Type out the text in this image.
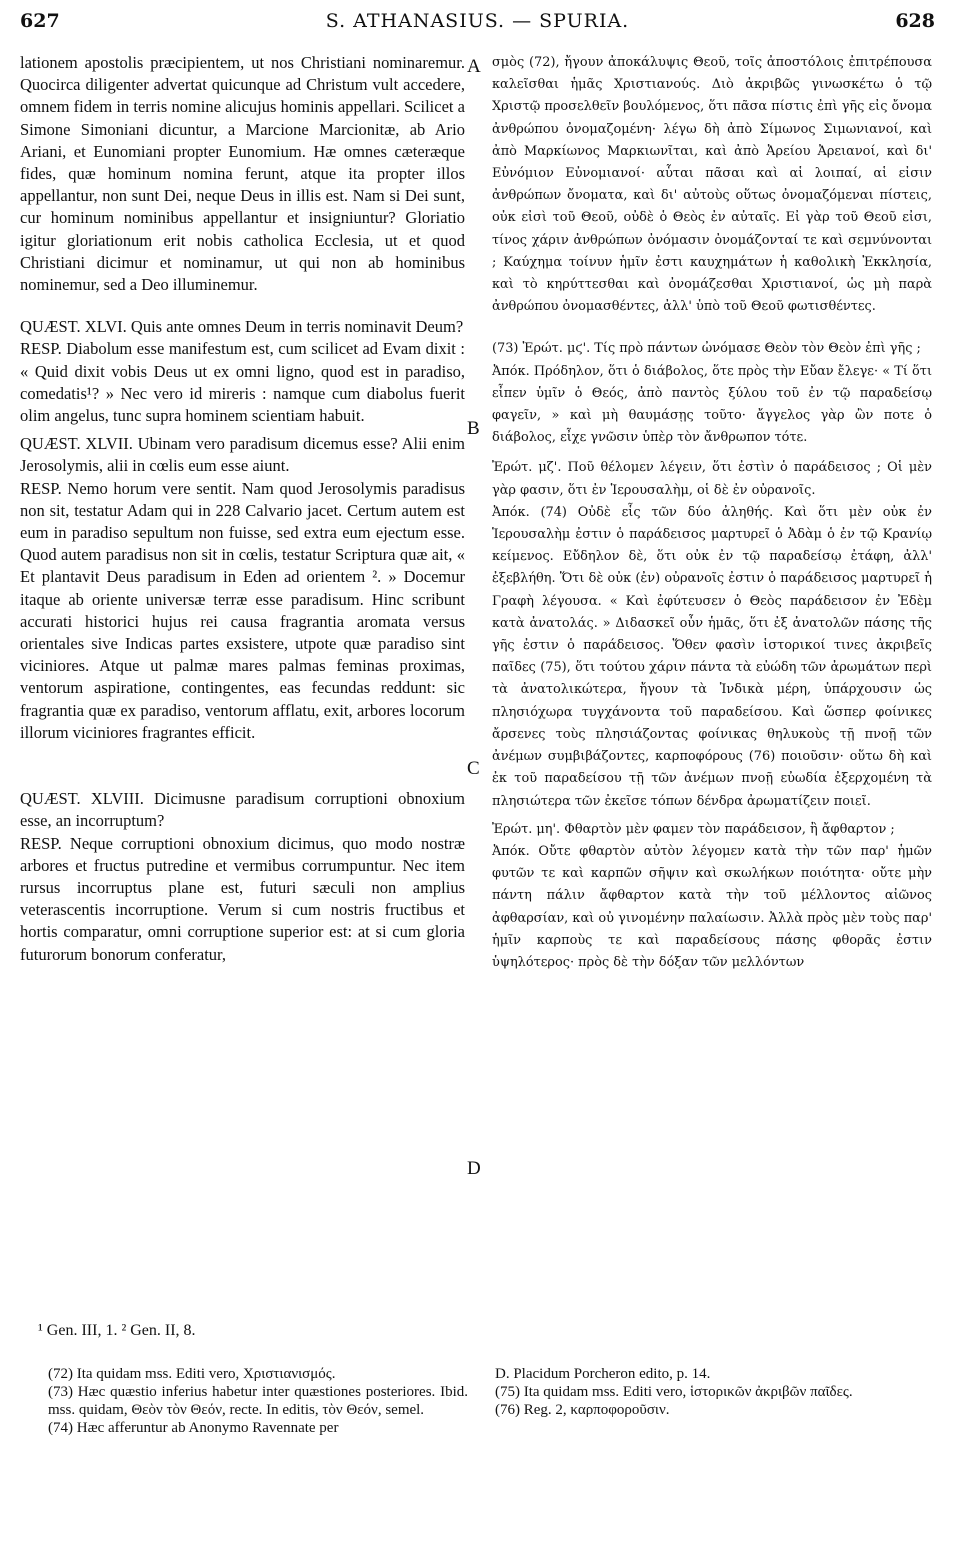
627	S. ATHANASIUS. — SPURIA.	628
A
B
C
D

lationem apostolis præcipientem, ut nos Christiani nominaremur. Quocirca diligenter advertat quicunque ad Christum vult accedere, omnem fidem in terris nomine alicujus hominis appellari. Scilicet a Simone Simoniani dicuntur, a Marcione Marcionitæ, ab Ario Ariani, et Eunomiani propter Eunomium. Hæ omnes cæteræque fides, quæ hominum nomina ferunt, atque ita propter illos appellantur, non sunt Dei, neque Deus in illis est. Nam si Dei sunt, cur hominum nominibus appellantur et insigniuntur? Gloriatio igitur gloriationum erit nobis catholica Ecclesia, ut et quod Christiani dicimur et nominamur, ut qui non ab hominibus nominemur, sed a Deo illuminemur.

QUÆST. XLVI. Quis ante omnes Deum in terris nominavit Deum?

RESP. Diabolum esse manifestum est, cum scilicet ad Evam dixit : « Quid dixit vobis Deus ut ex omni ligno, quod est in paradiso, comedatis¹? » Nec vero id mireris : namque cum diabolus fuerit olim angelus, tunc supra hominem scientiam habuit.

QUÆST. XLVII. Ubinam vero paradisum dicemus esse? Alii enim Jerosolymis, alii in cœlis eum esse aiunt.

RESP. Nemo horum vere sentit. Nam quod Jerosolymis paradisus non sit, testatur Adam qui in 228 Calvario jacet. Certum autem est eum in paradiso sepultum non fuisse, sed extra eum ejectum esse. Quod autem paradisus non sit in cœlis, testatur Scriptura quæ ait, « Et plantavit Deus paradisum in Eden ad orientem ². » Docemur itaque ab oriente universæ terræ esse paradisum. Hinc scribunt accurati historici hujus rei causa fragrantia aromata versus orientales sive Indicas partes exsistere, utpote quæ paradiso sint viciniores. Atque ut palmæ mares palmas feminas proximas, ventorum aspiratione, contingentes, eas fecundas reddunt: sic fragrantia quæ ex paradiso, ventorum afflatu, exit, arbores locorum illorum viciniores fragrantes efficit.

QUÆST. XLVIII. Dicimusne paradisum corruptioni obnoxium esse, an incorruptum?

RESP. Neque corruptioni obnoxium dicimus, quo modo nostræ arbores et fructus putredine et vermibus corrumpuntur. Nec item rursus incorruptus plane est, futuri sæculi non amplius veterascentis incorruptione. Verum si cum nostris fructibus et hortis comparatur, omni corruptione superior est: at si cum gloria futurorum bonorum conferatur,

σμὸς (72), ἤγουν ἀποκάλυψις Θεοῦ, τοῖς ἀποστόλοις ἐπιτρέπουσα καλεῖσθαι ἡμᾶς Χριστιανούς. Διὸ ἀκριβῶς γινωσκέτω ὁ τῷ Χριστῷ προσελθεῖν βουλόμενος, ὅτι πᾶσα πίστις ἐπὶ γῆς εἰς ὄνομα ἀνθρώπου ὀνομαζομένη· λέγω δὴ ἀπὸ Σίμωνος Σιμωνιανοί, καὶ ἀπὸ Μαρκίωνος Μαρκιωνῖται, καὶ ἀπὸ Ἀρείου Ἀρειανοί, καὶ δι' Εὐνόμιον Εὐνομιανοί· αὗται πᾶσαι καὶ αἱ λοιπαί, αἱ εἰσιν ἀνθρώπων ὄνοματα, καὶ δι' αὐτοὺς οὕτως ὀνομαζόμεναι πίστεις, οὐκ εἰσὶ τοῦ Θεοῦ, οὐδὲ ὁ Θεὸς ἐν αὐταῖς. Εἰ γὰρ τοῦ Θεοῦ εἰσι, τίνος χάριν ἀνθρώπων ὀνόμασιν ὀνομάζονταί τε καὶ σεμνύνονται ; Καύχημα τοίνυν ἡμῖν ἐστι καυχημάτων ἡ καθολικὴ Ἐκκλησία, καὶ τὸ κηρύττεσθαι καὶ ὀνομάζεσθαι Χριστιανοί, ὡς μὴ παρὰ ἀνθρώπου ὀνομασθέντες, ἀλλ' ὑπὸ τοῦ Θεοῦ φωτισθέντες.

(73) Ἐρώτ. μϛ'. Τίς πρὸ πάντων ὠνόμασε Θεὸν τὸν Θεὸν ἐπὶ γῆς ;

Ἀπόκ. Πρόδηλον, ὅτι ὁ διάβολος, ὅτε πρὸς τὴν Εὔαν ἔλεγε· « Τί ὅτι εἶπεν ὑμῖν ὁ Θεός, ἀπὸ παντὸς ξύλου τοῦ ἐν τῷ παραδείσῳ φαγεῖν, » καὶ μὴ θαυμάσῃς τοῦτο· ἄγγελος γὰρ ὢν ποτε ὁ διάβολος, εἶχε γνῶσιν ὑπὲρ τὸν ἄνθρωπον τότε.

Ἐρώτ. μζ'. Ποῦ θέλομεν λέγειν, ὅτι ἐστὶν ὁ παράδεισος ; Οἱ μὲν γὰρ φασιν, ὅτι ἐν Ἱερουσαλὴμ, οἱ δὲ ἐν οὐρανοῖς.

Ἀπόκ. (74) Οὐδὲ εἷς τῶν δύο ἀληθής. Καὶ ὅτι μὲν οὐκ ἐν Ἱερουσαλὴμ ἐστιν ὁ παράδεισος μαρτυρεῖ ὁ Ἀδὰμ ὁ ἐν τῷ Κρανίῳ κείμενος. Εὔδηλον δὲ, ὅτι οὐκ ἐν τῷ παραδείσῳ ἐτάφη, ἀλλ' ἐξεβλήθη. Ὅτι δὲ οὐκ (ἐν) οὐρανοῖς ἐστιν ὁ παράδεισος μαρτυρεῖ ἡ Γραφὴ λέγουσα. « Καὶ ἐφύτευσεν ὁ Θεὸς παράδεισον ἐν Ἐδὲμ κατὰ ἀνατολάς. » Διδασκεῖ οὖν ἡμᾶς, ὅτι ἐξ ἀνατολῶν πάσης τῆς γῆς ἐστιν ὁ παράδεισος. Ὅθεν φασὶν ἱστορικοί τινες ἀκριβεῖς παῖδες (75), ὅτι τούτου χάριν πάντα τὰ εὐώδη τῶν ἀρωμάτων περὶ τὰ ἀνατολικώτερα, ἤγουν τὰ Ἰνδικὰ μέρη, ὑπάρχουσιν ὡς πλησιόχωρα τυγχάνοντα τοῦ παραδείσου. Καὶ ὥσπερ φοίνικες ἄρσενες τοὺς πλησιάζοντας φοίνικας θηλυκοὺς τῇ πνοῇ τῶν ἀνέμων συμβιβάζοντες, καρποφόρους (76) ποιοῦσιν· οὕτω δὴ καὶ ἐκ τοῦ παραδείσου τῇ τῶν ἀνέμων πνοῇ εὐωδία ἐξερχομένη τὰ πλησιώτερα τῶν ἐκεῖσε τόπων δένδρα ἀρωματίζειν ποιεῖ.

Ἐρώτ. μη'. Φθαρτὸν μὲν φαμεν τὸν παράδεισον, ἢ ἄφθαρτον ;

Ἀπόκ. Οὔτε φθαρτὸν αὐτὸν λέγομεν κατὰ τὴν τῶν παρ' ἡμῶν φυτῶν τε καὶ καρπῶν σῆψιν καὶ σκωλήκων ποιότητα· οὔτε μὴν πάντη πάλιν ἄφθαρτον κατὰ τὴν τοῦ μέλλοντος αἰῶνος ἀφθαρσίαν, καὶ οὐ γινομένην παλαίωσιν. Ἀλλὰ πρὸς μὲν τοὺς παρ' ἡμῖν καρποὺς τε καὶ παραδείσους πάσης φθορᾶς ἐστιν ὑψηλότερος· πρὸς δὲ τὴν δόξαν τῶν μελλόντων

¹ Gen. III, 1. ² Gen. II, 8.

(72) Ita quidam mss. Editi vero, Χριστιανισμός.

(73) Hæc quæstio inferius habetur inter quæstiones posteriores. Ibid. mss. quidam, Θεὸν τὸν Θεόν, recte. In editis, τὸν Θεόν, semel.

(74) Hæc afferuntur ab Anonymo Ravennate per

D. Placidum Porcheron edito, p. 14.

(75) Ita quidam mss. Editi vero, ἱστορικῶν ἀκριβῶν παῖδες.

(76) Reg. 2, καρποφοροῦσιν.
